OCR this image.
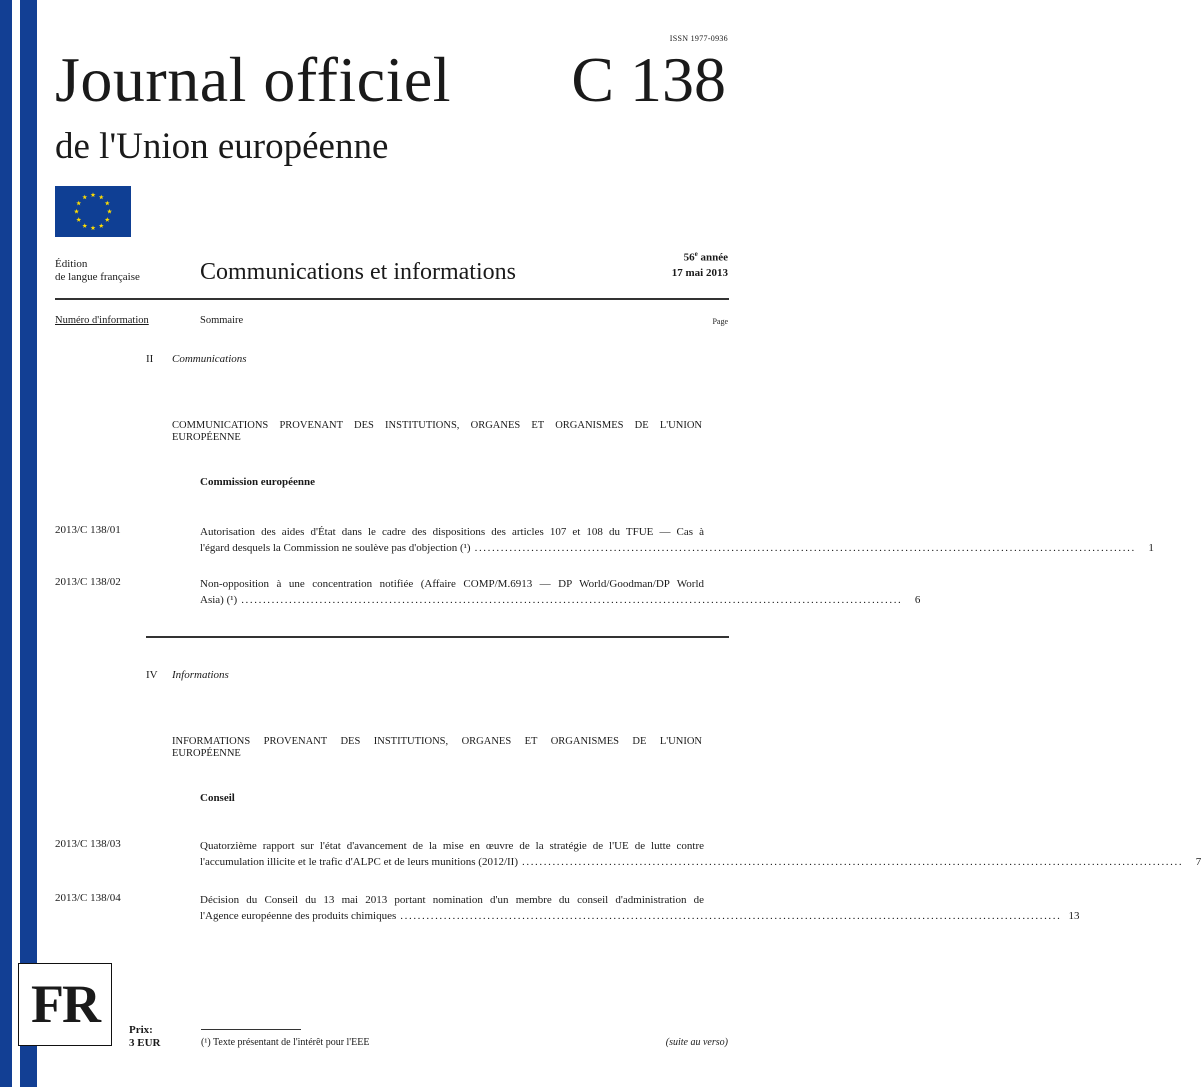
ISSN 1977-0936
Journal officiel C 138
de l'Union européenne
Édition
de langue française	Communications et informations
56e année
17 mai 2013
Numéro d'information	Sommaire	Page
II Communications
COMMUNICATIONS PROVENANT DES INSTITUTIONS, ORGANES ET ORGANISMES DE L'UNION
EUROPÉENNE
Commission européenne
2013/C 138/01	Autorisation des aides d'État dans le cadre des dispositions des articles 107 et 108 du TFUE — Cas à
l'égard desquels la Commission ne soulève pas d'objection (¹) ........................................................................................................................................................	1
2013/C 138/02	Non-opposition à une concentration notifiée (Affaire COMP/M.6913 — DP World/Goodman/DP World
Asia) (¹) ........................................................................................................................................................	6
IV Informations
INFORMATIONS PROVENANT DES INSTITUTIONS, ORGANES ET ORGANISMES DE L'UNION
EUROPÉENNE
Conseil
2013/C 138/03	Quatorzième rapport sur l'état d'avancement de la mise en œuvre de la stratégie de l'UE de lutte contre
l'accumulation illicite et le trafic d'ALPC et de leurs munitions (2012/II) ........................................................................................................................................................	7
2013/C 138/04	Décision du Conseil du 13 mai 2013 portant nomination d'un membre du conseil d'administration de
l'Agence européenne des produits chimiques ........................................................................................................................................................ 13
FR	Prix:
3 EUR	(¹) Texte présentant de l'intérêt pour l'EEE	(suite au verso)
